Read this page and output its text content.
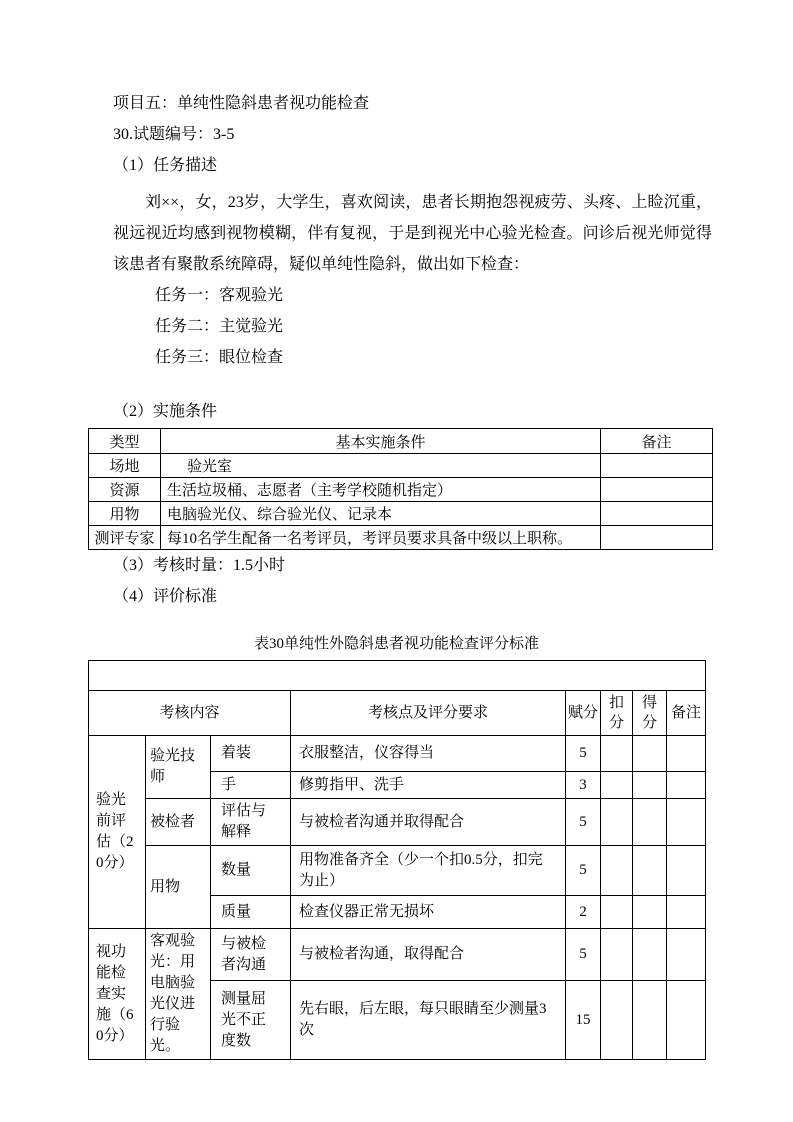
项目五：单纯性隐斜患者视功能检查
30.试题编号：3-5
（1）任务描述

刘××，女，23岁，大学生，喜欢阅读，患者长期抱怨视疲劳、头疼、上睑沉重，视远视近均感到视物模糊，伴有复视，于是到视光中心验光检查。问诊后视光师觉得该患者有聚散系统障碍，疑似单纯性隐斜，做出如下检查：

任务一：客观验光
任务二：主觉验光
任务三：眼位检查
（2）实施条件
类型	基本实施条件	备注
场地	验光室	
资源	生活垃圾桶、志愿者（主考学校随机指定）	
用物	电脑验光仪、综合验光仪、记录本	
测评专家	每10名学生配备一名考评员，考评员要求具备中级以上职称。	
（3）考核时量：1.5小时
（4）评价标准
表30单纯性外隐斜患者视功能检查评分标准

考核内容			考核点及评分要求	赋分	扣分	得分	备注
验光前评估（20分）	验光技师	着装	衣服整洁，仪容得当	5			
		手	修剪指甲、洗手	3			
	被检者	评估与解释	与被检者沟通并取得配合	5			
	用物	数量	用物准备齐全（少一个扣0.5分，扣完为止）	5			
		质量	检查仪器正常无损坏	2			
视功能检查实施（60分）	客观验光：用电脑验光仪进行验光。	与被检者沟通	与被检者沟通，取得配合	5			
		测量屈光不正度数	先右眼，后左眼，每只眼睛至少测量3次	15			
